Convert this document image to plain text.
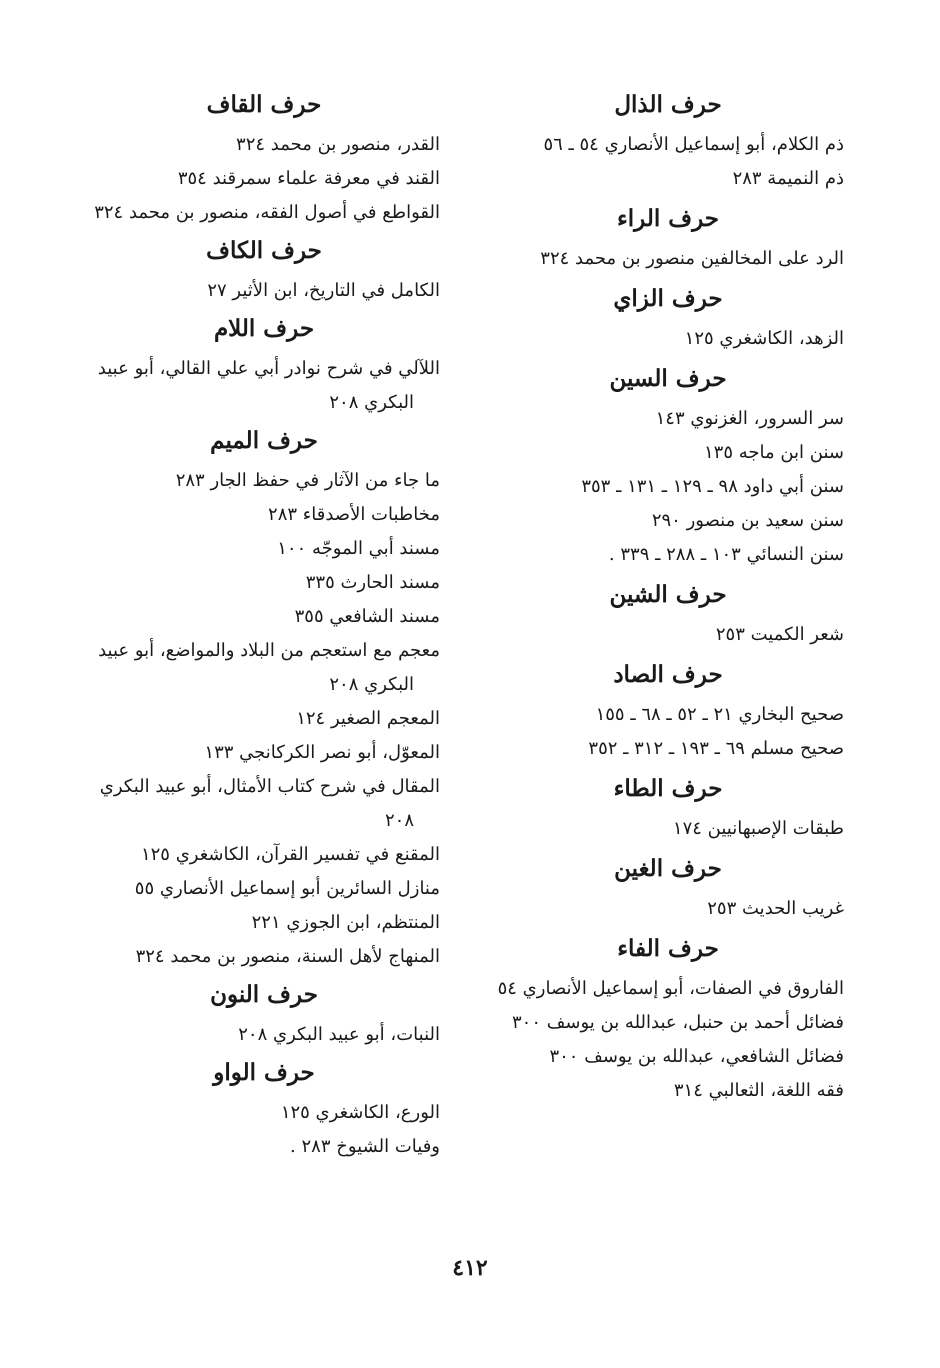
حرف الذال
ذم الكلام، أبو إسماعيل الأنصاري ٥٤ ـ ٥٦
ذم النميمة ٢٨٣
حرف الراء
الرد على المخالفين منصور بن محمد ٣٢٤
حرف الزاي
الزهد، الكاشغري ١٢٥
حرف السين
سر السرور، الغزنوي ١٤٣
سنن ابن ماجه ١٣٥
سنن أبي داود ٩٨ ـ ١٢٩ ـ ١٣١ ـ ٣٥٣
سنن سعيد بن منصور ٢٩٠
سنن النسائي ١٠٣ ـ ٢٨٨ ـ ٣٣٩ .
حرف الشين
شعر الكميت ٢٥٣
حرف الصاد
صحيح البخاري ٢١ ـ ٥٢ ـ ٦٨ ـ ١٥٥
صحيح مسلم ٦٩ ـ ١٩٣ ـ ٣١٢ ـ ٣٥٢
حرف الطاء
طبقات الإصبهانيين ١٧٤
حرف الغين
غريب الحديث ٢٥٣
حرف الفاء
الفاروق في الصفات، أبو إسماعيل الأنصاري ٥٤
فضائل أحمد بن حنبل، عبدالله بن يوسف ٣٠٠
فضائل الشافعي، عبدالله بن يوسف ٣٠٠
فقه اللغة، الثعالبي ٣١٤
حرف القاف
القدر، منصور بن محمد ٣٢٤
القند في معرفة علماء سمرقند ٣٥٤
القواطع في أصول الفقه، منصور بن محمد ٣٢٤
حرف الكاف
الكامل في التاريخ، ابن الأثير ٢٧
حرف اللام
اللآلي في شرح نوادر أبي علي القالي، أبو عبيد البكري ٢٠٨
حرف الميم
ما جاء من الآثار في حفظ الجار ٢٨٣
مخاطبات الأصدقاء ٢٨٣
مسند أبي الموجّه ١٠٠
مسند الحارث ٣٣٥
مسند الشافعي ٣٥٥
معجم مع استعجم من البلاد والمواضع، أبو عبيد البكري ٢٠٨
المعجم الصغير ١٢٤
المعوّل، أبو نصر الكركانجي ١٣٣
المقال في شرح كتاب الأمثال، أبو عبيد البكري ٢٠٨
المقنع في تفسير القرآن، الكاشغري ١٢٥
منازل السائرين أبو إسماعيل الأنصاري ٥٥
المنتظم، ابن الجوزي ٢٢١
المنهاج لأهل السنة، منصور بن محمد ٣٢٤
حرف النون
النبات، أبو عبيد البكري ٢٠٨
حرف الواو
الورع، الكاشغري ١٢٥
وفيات الشيوخ ٢٨٣ .
٤١٢
